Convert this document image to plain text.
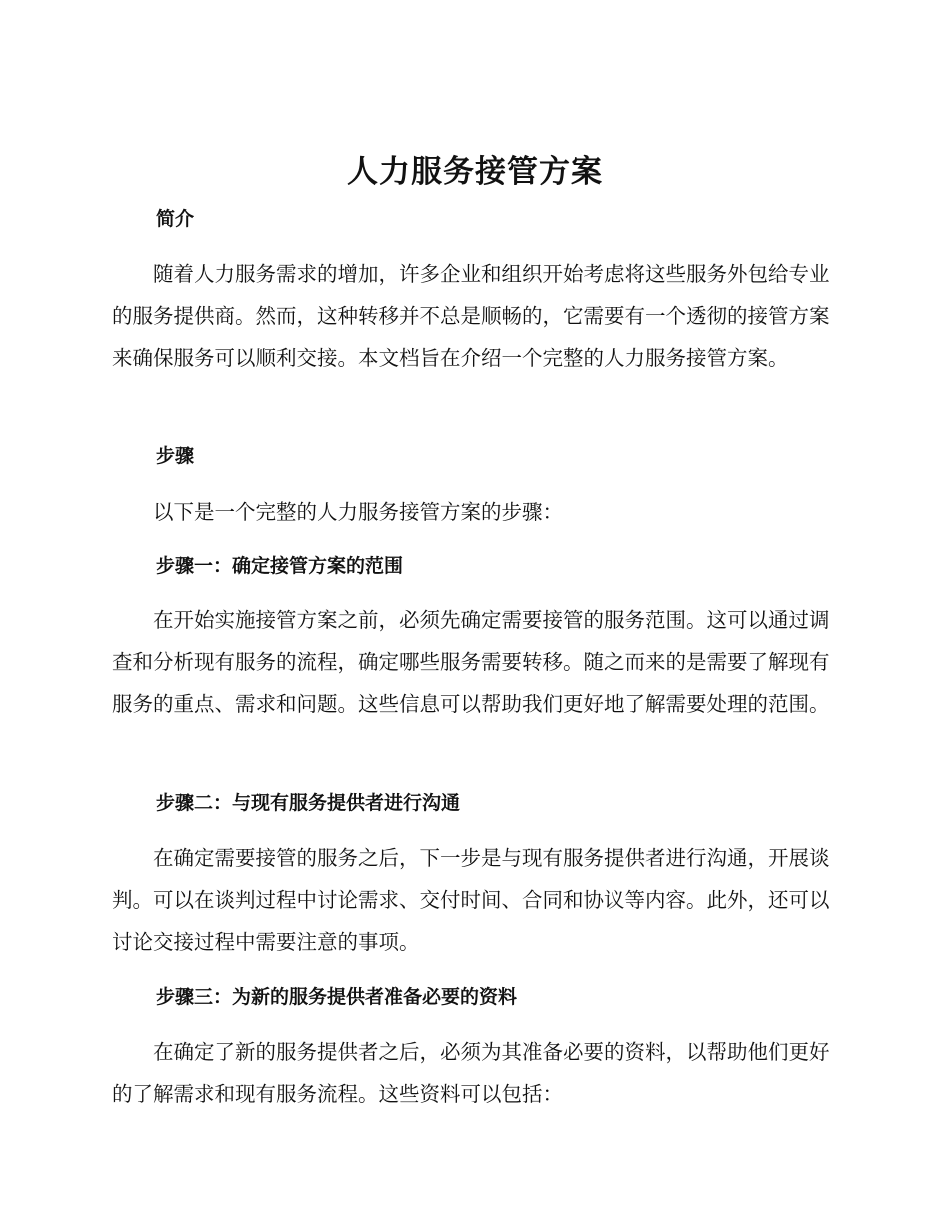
人力服务接管方案
简介

随着人力服务需求的增加，许多企业和组织开始考虑将这些服务外包给专业的服务提供商。然而，这种转移并不总是顺畅的，它需要有一个透彻的接管方案来确保服务可以顺利交接。本文档旨在介绍一个完整的人力服务接管方案。

步骤

以下是一个完整的人力服务接管方案的步骤：

步骤一：确定接管方案的范围

在开始实施接管方案之前，必须先确定需要接管的服务范围。这可以通过调查和分析现有服务的流程，确定哪些服务需要转移。随之而来的是需要了解现有服务的重点、需求和问题。这些信息可以帮助我们更好地了解需要处理的范围。

步骤二：与现有服务提供者进行沟通

在确定需要接管的服务之后，下一步是与现有服务提供者进行沟通，开展谈判。可以在谈判过程中讨论需求、交付时间、合同和协议等内容。此外，还可以讨论交接过程中需要注意的事项。

步骤三：为新的服务提供者准备必要的资料

在确定了新的服务提供者之后，必须为其准备必要的资料，以帮助他们更好的了解需求和现有服务流程。这些资料可以包括：
